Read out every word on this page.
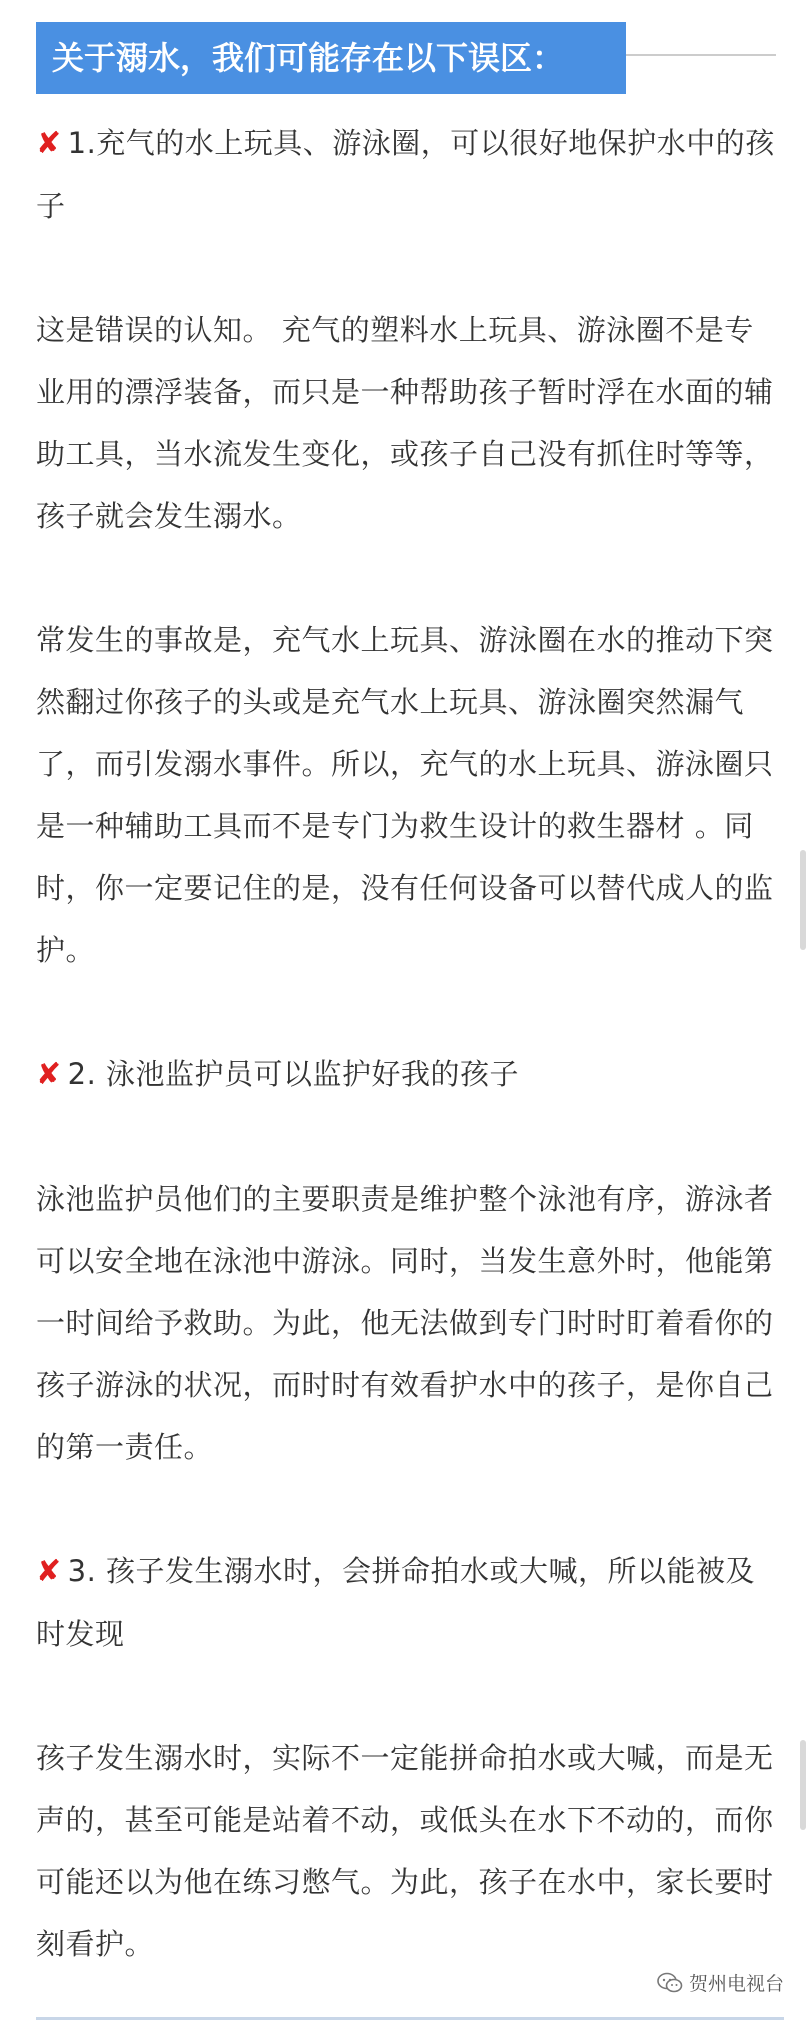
关于溺水，我们可能存在以下误区：

✘ 1.充气的水上玩具、游泳圈，可以很好地保护水中的孩子

这是错误的认知。 充气的塑料水上玩具、游泳圈不是专业用的漂浮装备，而只是一种帮助孩子暂时浮在水面的辅助工具，当水流发生变化，或孩子自己没有抓住时等等，孩子就会发生溺水。

常发生的事故是，充气水上玩具、游泳圈在水的推动下突然翻过你孩子的头或是充气水上玩具、游泳圈突然漏气了，而引发溺水事件。所以，充气的水上玩具、游泳圈只是一种辅助工具而不是专门为救生设计的救生器材 。同时，你一定要记住的是，没有任何设备可以替代成人的监护。

✘ 2. 泳池监护员可以监护好我的孩子

泳池监护员他们的主要职责是维护整个泳池有序，游泳者可以安全地在泳池中游泳。同时，当发生意外时，他能第一时间给予救助。为此，他无法做到专门时时盯着看你的孩子游泳的状况，而时时有效看护水中的孩子，是你自己的第一责任。

✘ 3. 孩子发生溺水时，会拼命拍水或大喊，所以能被及时发现

孩子发生溺水时，实际不一定能拼命拍水或大喊，而是无声的，甚至可能是站着不动，或低头在水下不动的，而你可能还以为他在练习憋气。为此，孩子在水中，家长要时刻看护。

贺州电视台
